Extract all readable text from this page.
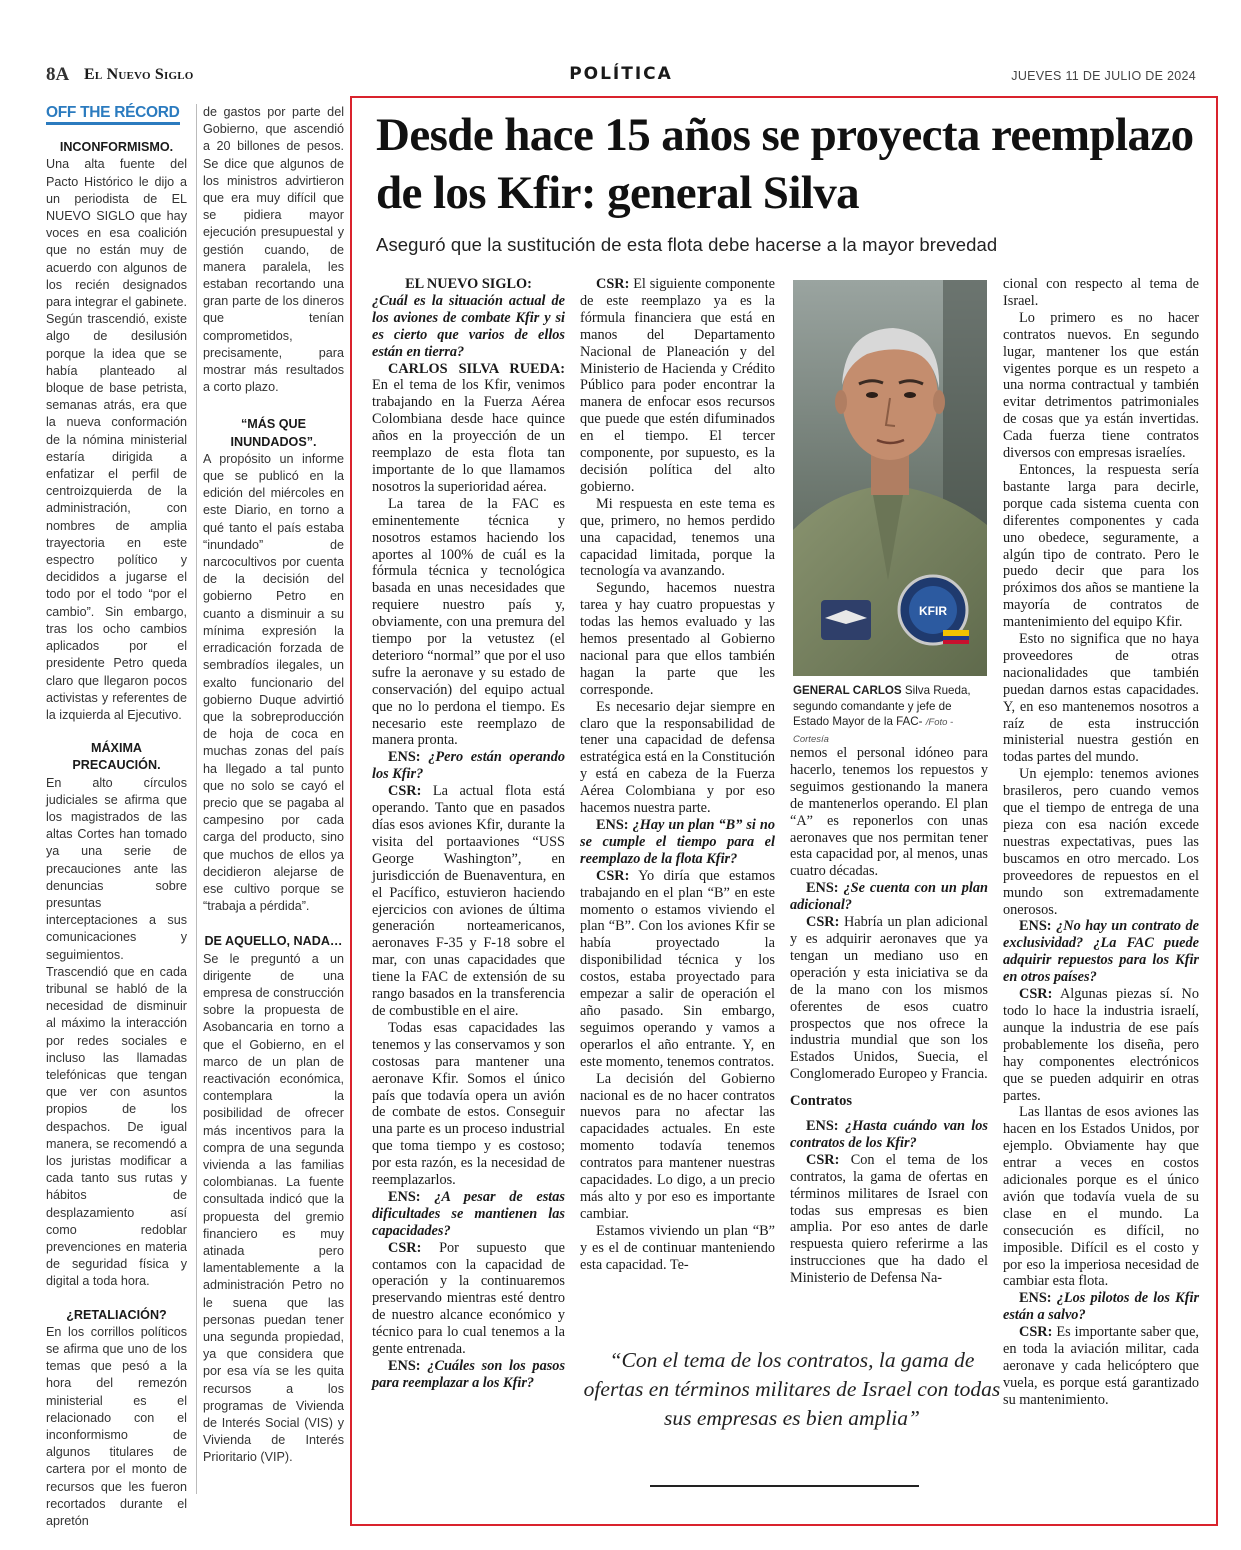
8A El Nuevo Siglo	POLÍTICA	JUEVES 11 DE JULIO DE 2024
OFF THE RÉCORD

INCONFORMISMO.
Una alta fuente del Pacto Histórico le dijo a un periodista de EL NUEVO SIGLO que hay voces en esa coalición que no están muy de acuerdo con algunos de los recién designados para integrar el gabinete. Según trascendió, existe algo de desilusión porque la idea que se había planteado al bloque de base petrista, semanas atrás, era que la nueva conformación de la nómina ministerial estaría dirigida a enfatizar el perfil de centroizquierda de la administración, con nombres de amplia trayectoria en este espectro político y decididos a jugarse el todo por el todo “por el cambio”. Sin embargo, tras los ocho cambios aplicados por el presidente Petro queda claro que llegaron pocos activistas y referentes de la izquierda al Ejecutivo.

MÁXIMA PRECAUCIÓN.
En alto círculos judiciales se afirma que los magistrados de las altas Cortes han tomado ya una serie de precauciones ante las denuncias sobre presuntas interceptaciones a sus comunicaciones y seguimientos. Trascendió que en cada tribunal se habló de la necesidad de disminuir al máximo la interacción por redes sociales e incluso las llamadas telefónicas que tengan que ver con asuntos propios de los despachos. De igual manera, se recomendó a los juristas modificar a cada tanto sus rutas y hábitos de desplazamiento así como redoblar prevenciones en materia de seguridad física y digital a toda hora.

¿RETALIACIÓN?
En los corrillos políticos se afirma que uno de los temas que pesó a la hora del remezón ministerial es el relacionado con el inconformismo de algunos titulares de cartera por el monto de recursos que les fueron recortados durante el apretón

de gastos por parte del Gobierno, que ascendió a 20 billones de pesos. Se dice que algunos de los ministros advirtieron que era muy difícil que se pidiera mayor ejecución presupuestal y gestión cuando, de manera paralela, les estaban recortando una gran parte de los dineros que tenían comprometidos, precisamente, para mostrar más resultados a corto plazo.

“MÁS QUE INUNDADOS”.
A propósito un informe que se publicó en la edición del miércoles en este Diario, en torno a qué tanto el país estaba “inundado” de narcocultivos por cuenta de la decisión del gobierno Petro en cuanto a disminuir a su mínima expresión la erradicación forzada de sembradíos ilegales, un exalto funcionario del gobierno Duque advirtió que la sobreproducción de hoja de coca en muchas zonas del país ha llegado a tal punto que no solo se cayó el precio que se pagaba al campesino por cada carga del producto, sino que muchos de ellos ya decidieron alejarse de ese cultivo porque se “trabaja a pérdida”.

DE AQUELLO, NADA…
Se le preguntó a un dirigente de una empresa de construcción sobre la propuesta de Asobancaria en torno a que el Gobierno, en el marco de un plan de reactivación económica, contemplara la posibilidad de ofrecer más incentivos para la compra de una segunda vivienda a las familias colombianas. La fuente consultada indicó que la propuesta del gremio financiero es muy atinada pero lamentablemente a la administración Petro no le suena que las personas puedan tener una segunda propiedad, ya que considera que por esa vía se les quita recursos a los programas de Vivienda de Interés Social (VIS) y Vivienda de Interés Prioritario (VIP).

Desde hace 15 años se proyecta reemplazo de los Kfir: general Silva
Aseguró que la sustitución de esta flota debe hacerse a la mayor brevedad

EL NUEVO SIGLO:

¿Cuál es la situación actual de los aviones de combate Kfir y si es cierto que varios de ellos están en tierra?

CARLOS SILVA RUEDA: En el tema de los Kfir, venimos trabajando en la Fuerza Aérea Colombiana desde hace quince años en la proyección de un reemplazo de esta flota tan importante de lo que llamamos nosotros la superioridad aérea.

La tarea de la FAC es eminentemente técnica y nosotros estamos haciendo los aportes al 100% de cuál es la fórmula técnica y tecnológica basada en unas necesidades que requiere nuestro país y, obviamente, con una premura del tiempo por la vetustez (el deterioro “normal” que por el uso sufre la aeronave y su estado de conservación) del equipo actual que no lo perdona el tiempo. Es necesario este reemplazo de manera pronta.

ENS: ¿Pero están operando los Kfir?

CSR: La actual flota está operando. Tanto que en pasados días esos aviones Kfir, durante la visita del portaaviones “USS George Washington”, en jurisdicción de Buenaventura, en el Pacífico, estuvieron haciendo ejercicios con aviones de última generación norteamericanos, aeronaves F-35 y F-18 sobre el mar, con unas capacidades que tiene la FAC de extensión de su rango basados en la transferencia de combustible en el aire.

Todas esas capacidades las tenemos y las conservamos y son costosas para mantener una aeronave Kfir. Somos el único país que todavía opera un avión de combate de estos. Conseguir una parte es un proceso industrial que toma tiempo y es costoso; por esta razón, es la necesidad de reemplazarlos.

ENS: ¿A pesar de estas dificultades se mantienen las capacidades?

CSR: Por supuesto que contamos con la capacidad de operación y la continuaremos preservando mientras esté dentro de nuestro alcance económico y técnico para lo cual tenemos a la gente entrenada.

ENS: ¿Cuáles son los pasos para reemplazar a los Kfir?

CSR: El siguiente componente de este reemplazo ya es la fórmula financiera que está en manos del Departamento Nacional de Planeación y del Ministerio de Hacienda y Crédito Público para poder encontrar la manera de enfocar esos recursos que puede que estén difuminados en el tiempo. El tercer componente, por supuesto, es la decisión política del alto gobierno.

Mi respuesta en este tema es que, primero, no hemos perdido una capacidad, tenemos una capacidad limitada, porque la tecnología va avanzando.

Segundo, hacemos nuestra tarea y hay cuatro propuestas y todas las hemos evaluado y las hemos presentado al Gobierno nacional para que ellos también hagan la parte que les corresponde.

Es necesario dejar siempre en claro que la responsabilidad de tener una capacidad de defensa estratégica está en la Constitución y está en cabeza de la Fuerza Aérea Colombiana y por eso hacemos nuestra parte.

ENS: ¿Hay un plan “B” si no se cumple el tiempo para el reemplazo de la flota Kfir?

CSR: Yo diría que estamos trabajando en el plan “B” en este momento o estamos viviendo el plan “B”. Con los aviones Kfir se había proyectado la disponibilidad técnica y los costos, estaba proyectado para empezar a salir de operación el año pasado. Sin embargo, seguimos operando y vamos a operarlos el año entrante. Y, en este momento, tenemos contratos.

La decisión del Gobierno nacional es de no hacer contratos nuevos para no afectar las capacidades actuales. En este momento todavía tenemos contratos para mantener nuestras capacidades. Lo digo, a un precio más alto y por eso es importante cambiar.

Estamos viviendo un plan “B” y es el de continuar manteniendo esta capacidad. Te-

KFIR
GENERAL CARLOS Silva Rueda, segundo comandante y jefe de Estado Mayor de la FAC- /Foto - Cortesía

nemos el personal idóneo para hacerlo, tenemos los repuestos y seguimos gestionando la manera de mantenerlos operando. El plan “A” es reponerlos con unas aeronaves que nos permitan tener esta capacidad por, al menos, unas cuatro décadas.

ENS: ¿Se cuenta con un plan adicional?

CSR: Habría un plan adicional y es adquirir aeronaves que ya tengan un mediano uso en operación y esta iniciativa se da de la mano con los mismos oferentes de esos cuatro prospectos que nos ofrece la industria mundial que son los Estados Unidos, Suecia, el Conglomerado Europeo y Francia.

Contratos

ENS: ¿Hasta cuándo van los contratos de los Kfir?

CSR: Con el tema de los contratos, la gama de ofertas en términos militares de Israel con todas sus empresas es bien amplia. Por eso antes de darle respuesta quiero referirme a las instrucciones que ha dado el Ministerio de Defensa Na-

cional con respecto al tema de Israel.

Lo primero es no hacer contratos nuevos. En segundo lugar, mantener los que están vigentes porque es un respeto a una norma contractual y también evitar detrimentos patrimoniales de cosas que ya están invertidas. Cada fuerza tiene contratos diversos con empresas israelíes.

Entonces, la respuesta sería bastante larga para decirle, porque cada sistema cuenta con diferentes componentes y cada uno obedece, seguramente, a algún tipo de contrato. Pero le puedo decir que para los próximos dos años se mantiene la mayoría de contratos de mantenimiento del equipo Kfir.

Esto no significa que no haya proveedores de otras nacionalidades que también puedan darnos estas capacidades. Y, en eso mantenemos nosotros a raíz de esta instrucción ministerial nuestra gestión en todas partes del mundo.

Un ejemplo: tenemos aviones brasileros, pero cuando vemos que el tiempo de entrega de una pieza con esa nación excede nuestras expectativas, pues las buscamos en otro mercado. Los proveedores de repuestos en el mundo son extremadamente onerosos.

ENS: ¿No hay un contrato de exclusividad? ¿La FAC puede adquirir repuestos para los Kfir en otros países?

CSR: Algunas piezas sí. No todo lo hace la industria israelí, aunque la industria de ese país probablemente los diseña, pero hay componentes electrónicos que se pueden adquirir en otras partes.

Las llantas de esos aviones las hacen en los Estados Unidos, por ejemplo. Obviamente hay que entrar a veces en costos adicionales porque es el único avión que todavía vuela de su clase en el mundo. La consecución es difícil, no imposible. Difícil es el costo y por eso la imperiosa necesidad de cambiar esta flota.

ENS: ¿Los pilotos de los Kfir están a salvo?

CSR: Es importante saber que, en toda la aviación militar, cada aeronave y cada helicóptero que vuela, es porque está garantizado su mantenimiento.

“Con el tema de los contratos, la gama de ofertas en términos militares de Israel con todas sus empresas es bien amplia”
